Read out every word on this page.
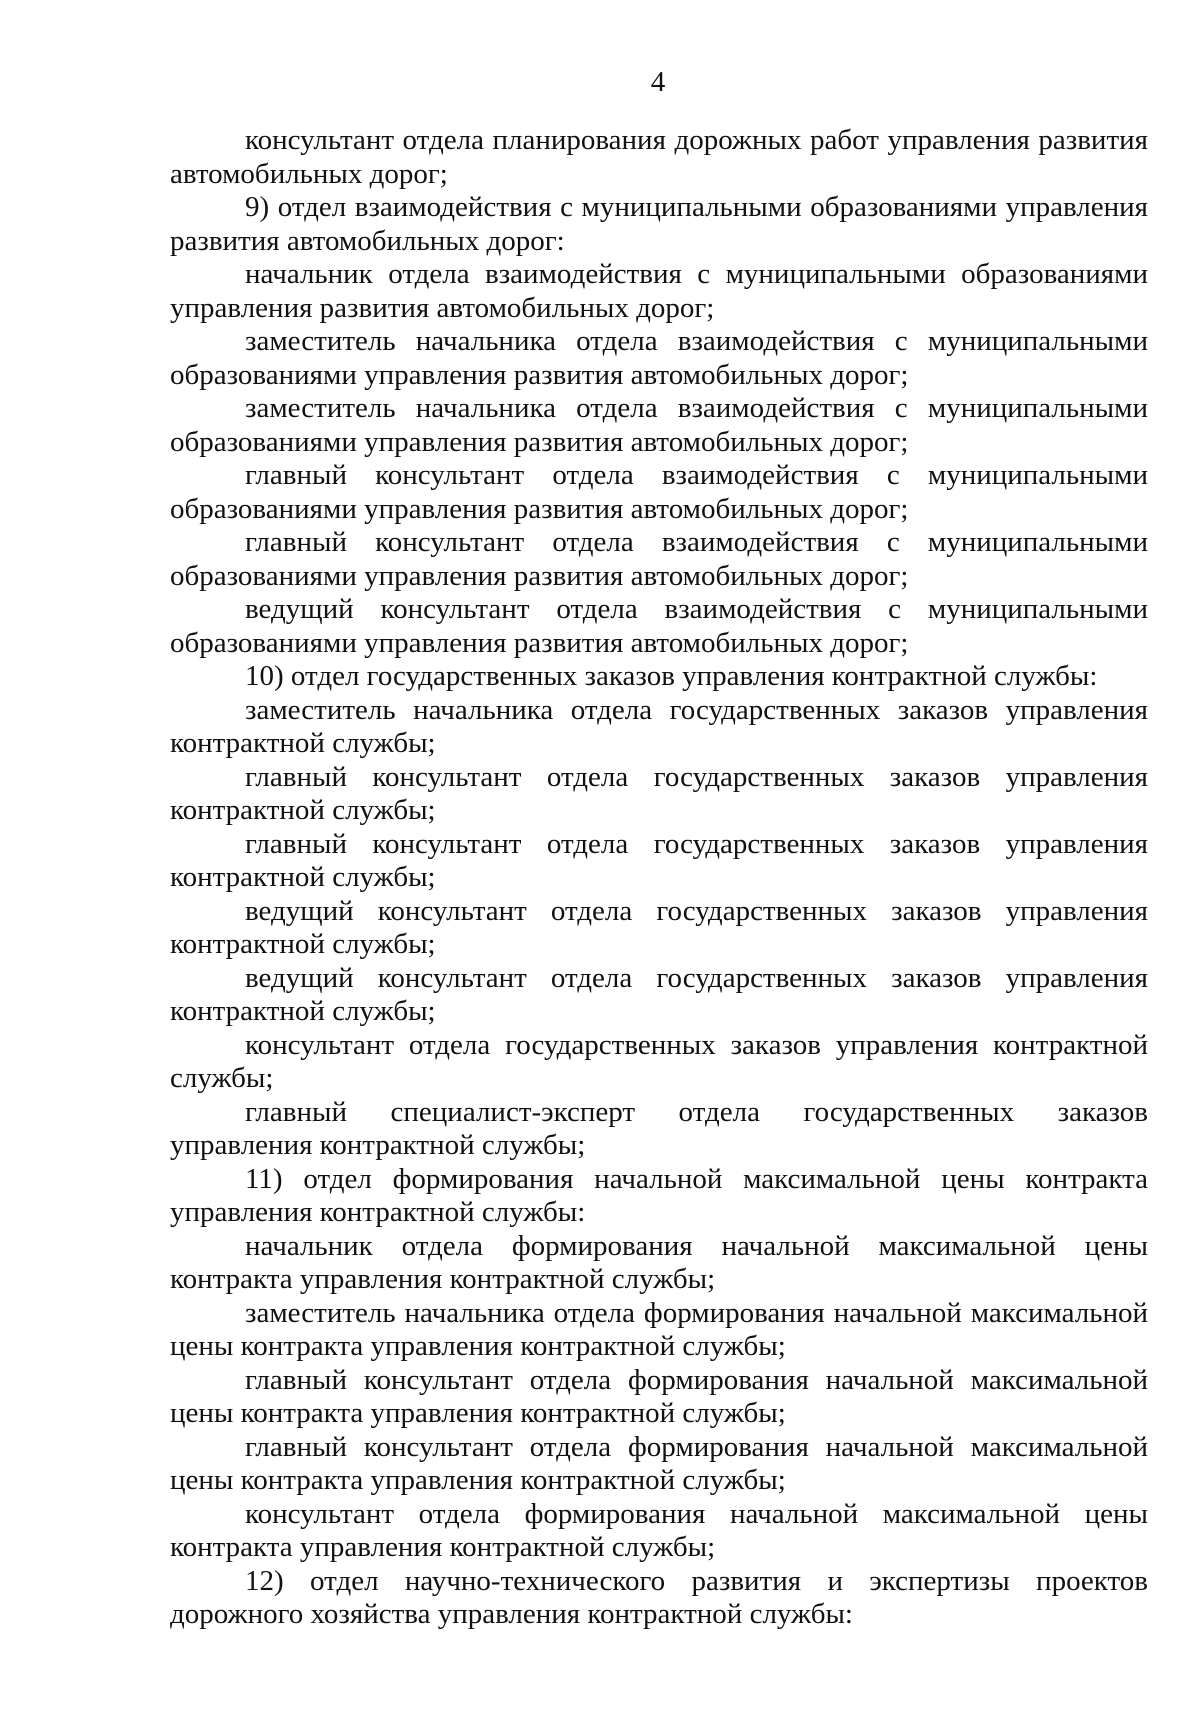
4

консультант отдела планирования дорожных работ управления развития автомобильных дорог;

9) отдел взаимодействия с муниципальными образованиями управления развития автомобильных дорог:

начальник отдела взаимодействия с муниципальными образованиями управления развития автомобильных дорог;

заместитель начальника отдела взаимодействия с муниципальными образованиями управления развития автомобильных дорог;

заместитель начальника отдела взаимодействия с муниципальными образованиями управления развития автомобильных дорог;

главный консультант отдела взаимодействия с муниципальными образованиями управления развития автомобильных дорог;

главный консультант отдела взаимодействия с муниципальными образованиями управления развития автомобильных дорог;

ведущий консультант отдела взаимодействия с муниципальными образованиями управления развития автомобильных дорог;

10) отдел государственных заказов управления контрактной службы:

заместитель начальника отдела государственных заказов управления контрактной службы;

главный консультант отдела государственных заказов управления контрактной службы;

главный консультант отдела государственных заказов управления контрактной службы;

ведущий консультант отдела государственных заказов управления контрактной службы;

ведущий консультант отдела государственных заказов управления контрактной службы;

консультант отдела государственных заказов управления контрактной службы;

главный специалист-эксперт отдела государственных заказов управления контрактной службы;

11) отдел формирования начальной максимальной цены контракта управления контрактной службы:

начальник отдела формирования начальной максимальной цены контракта управления контрактной службы;

заместитель начальника отдела формирования начальной максимальной цены контракта управления контрактной службы;

главный консультант отдела формирования начальной максимальной цены контракта управления контрактной службы;

главный консультант отдела формирования начальной максимальной цены контракта управления контрактной службы;

консультант отдела формирования начальной максимальной цены контракта управления контрактной службы;

12) отдел научно-технического развития и экспертизы проектов дорожного хозяйства управления контрактной службы:
